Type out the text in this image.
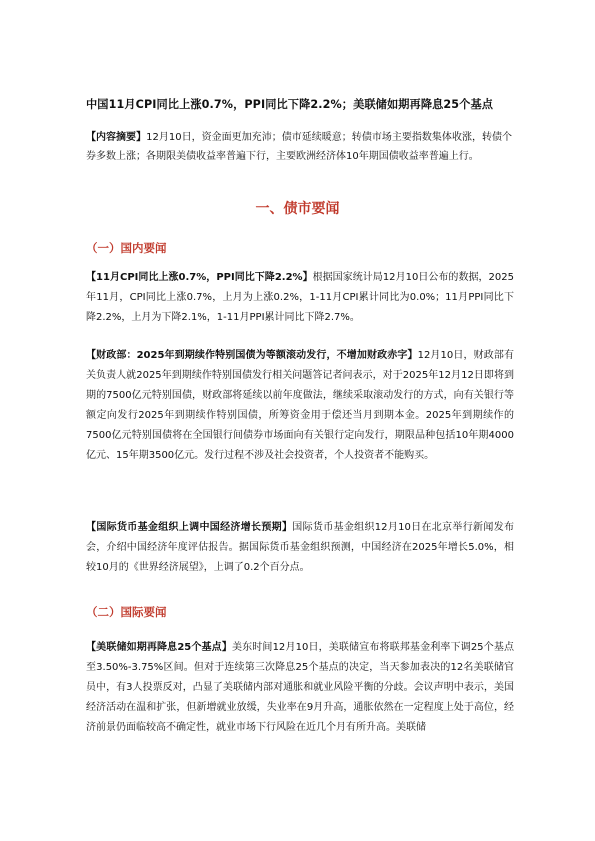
中国11月CPI同比上涨0.7%，PPI同比下降2.2%；美联储如期再降息25个基点
【内容摘要】12月10日，资金面更加充沛；债市延续暖意；转债市场主要指数集体收涨，转债个券多数上涨；各期限美债收益率普遍下行，主要欧洲经济体10年期国债收益率普遍上行。
一、债市要闻
（一）国内要闻
【11月CPI同比上涨0.7%，PPI同比下降2.2%】根据国家统计局12月10日公布的数据，2025年11月，CPI同比上涨0.7%，上月为上涨0.2%，1-11月CPI累计同比为0.0%；11月PPI同比下降2.2%，上月为下降2.1%，1-11月PPI累计同比下降2.7%。
【财政部：2025年到期续作特别国债为等额滚动发行，不增加财政赤字】12月10日，财政部有关负责人就2025年到期续作特别国债发行相关问题答记者问表示，对于2025年12月12日即将到期的7500亿元特别国债，财政部将延续以前年度做法，继续采取滚动发行的方式，向有关银行等额定向发行2025年到期续作特别国债，所筹资金用于偿还当月到期本金。2025年到期续作的7500亿元特别国债将在全国银行间债券市场面向有关银行定向发行，期限品种包括10年期4000亿元、15年期3500亿元。发行过程不涉及社会投资者，个人投资者不能购买。
【国际货币基金组织上调中国经济增长预期】国际货币基金组织12月10日在北京举行新闻发布会，介绍中国经济年度评估报告。据国际货币基金组织预测，中国经济在2025年增长5.0%，相较10月的《世界经济展望》，上调了0.2个百分点。
（二）国际要闻
【美联储如期再降息25个基点】美东时间12月10日，美联储宣布将联邦基金利率下调25个基点至3.50%-3.75%区间。但对于连续第三次降息25个基点的决定，当天参加表决的12名美联储官员中，有3人投票反对，凸显了美联储内部对通胀和就业风险平衡的分歧。会议声明中表示，美国经济活动在温和扩张，但新增就业放缓，失业率在9月升高，通胀依然在一定程度上处于高位，经济前景仍面临较高不确定性，就业市场下行风险在近几个月有所升高。美联储
